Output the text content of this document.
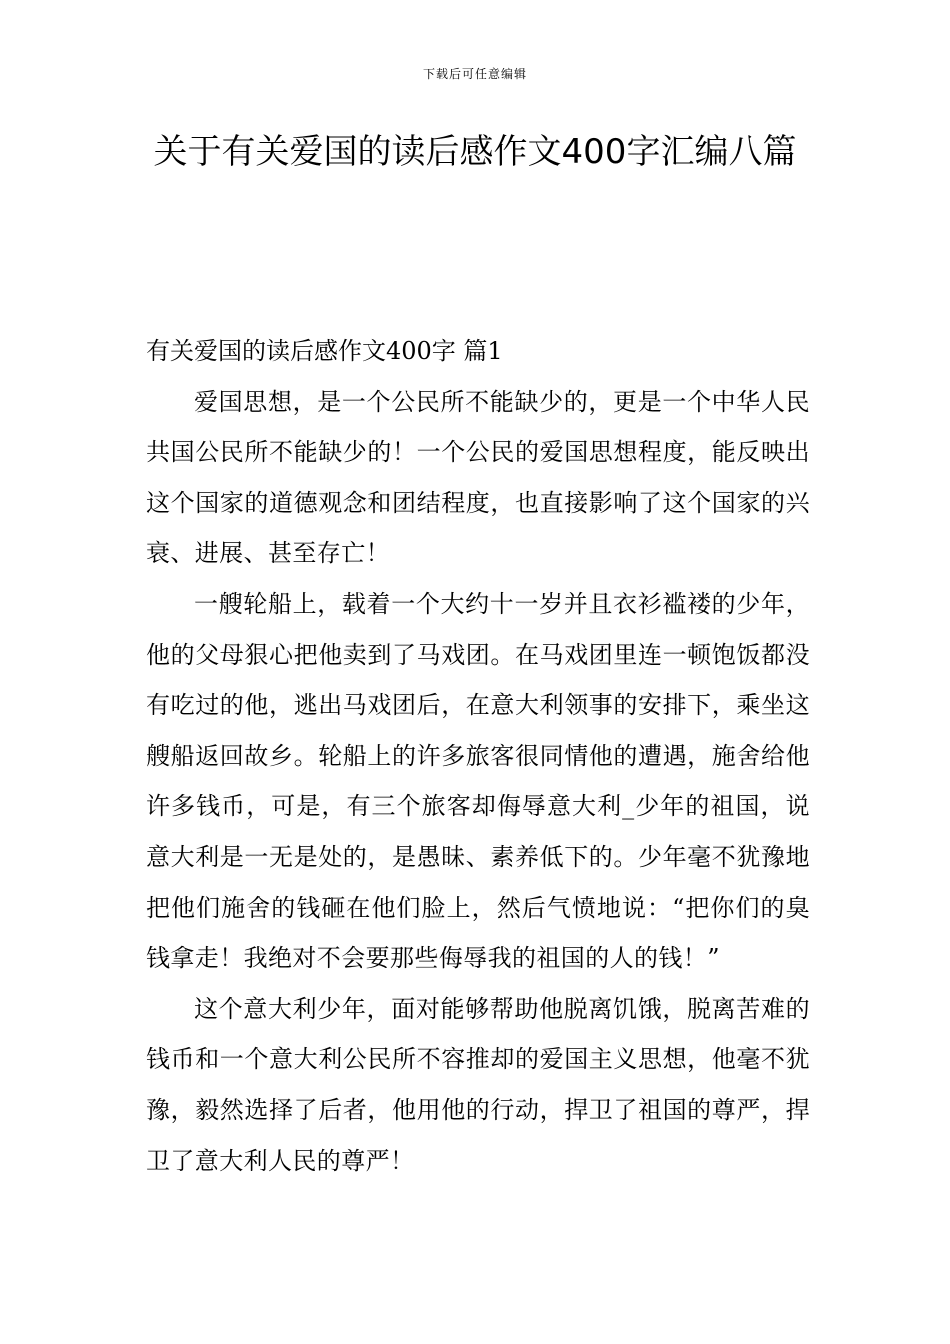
下载后可任意编辑
关于有关爱国的读后感作文400字汇编八篇
有关爱国的读后感作文400字 篇1

爱国思想，是一个公民所不能缺少的，更是一个中华人民共国公民所不能缺少的！一个公民的爱国思想程度，能反映出这个国家的道德观念和团结程度，也直接影响了这个国家的兴衰、进展、甚至存亡！

一艘轮船上，载着一个大约十一岁并且衣衫褴褛的少年，他的父母狠心把他卖到了马戏团。在马戏团里连一顿饱饭都没有吃过的他，逃出马戏团后，在意大利领事的安排下，乘坐这艘船返回故乡。轮船上的许多旅客很同情他的遭遇，施舍给他许多钱币，可是，有三个旅客却侮辱意大利_少年的祖国，说意大利是一无是处的，是愚昧、素养低下的。少年毫不犹豫地把他们施舍的钱砸在他们脸上，然后气愤地说：“把你们的臭钱拿走！我绝对不会要那些侮辱我的祖国的人的钱！”

这个意大利少年，面对能够帮助他脱离饥饿，脱离苦难的钱币和一个意大利公民所不容推却的爱国主义思想，他毫不犹豫，毅然选择了后者，他用他的行动，捍卫了祖国的尊严，捍卫了意大利人民的尊严！
